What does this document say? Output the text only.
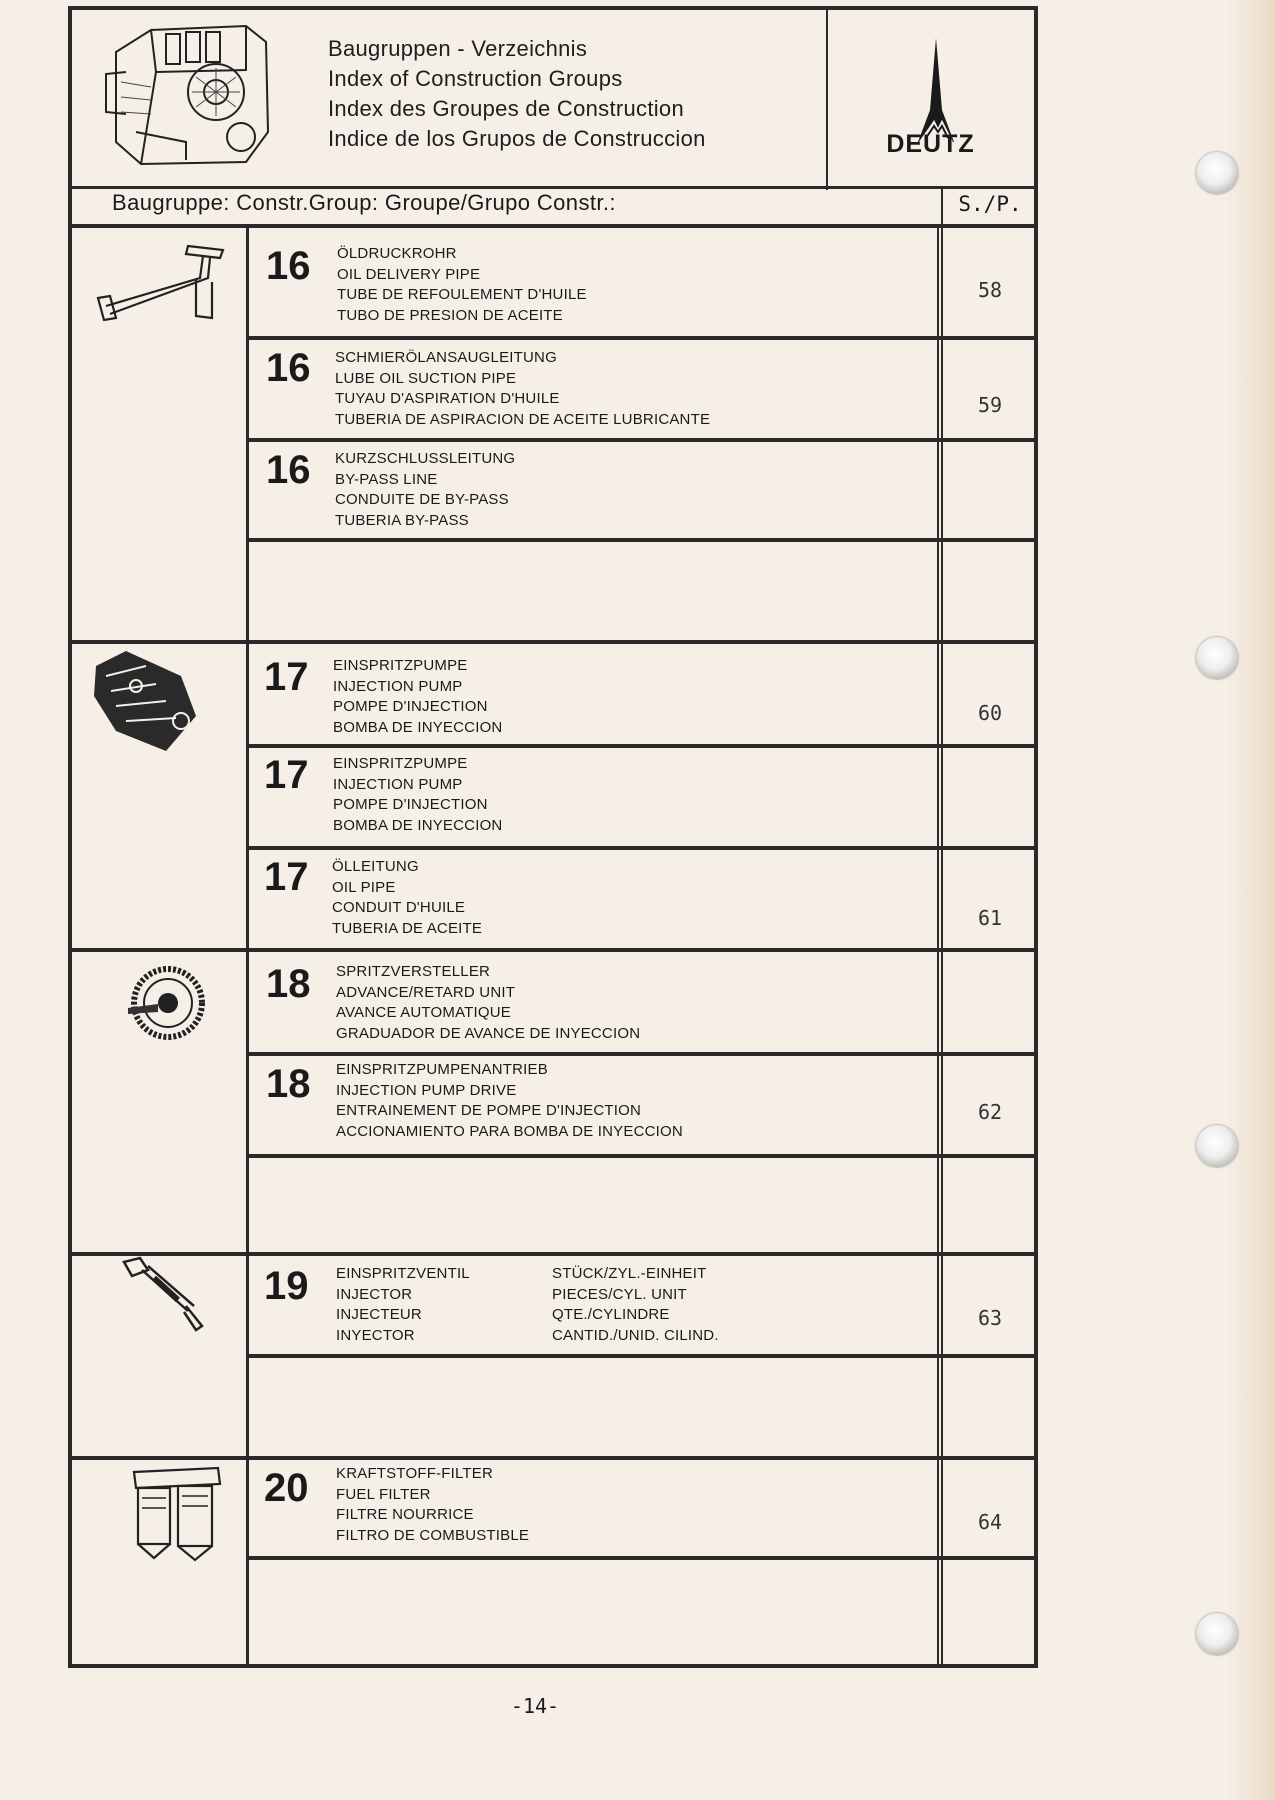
Baugruppen - Verzeichnis
Index of Construction Groups
Index des Groupes de Construction
Indice de los Grupos de Construccion	DEUTZ
Baugruppe: Constr.Group: Groupe/Grupo Constr.:	S./P.
16 ÖLDRUCKROHR
OIL DELIVERY PIPE
TUBE DE REFOULEMENT D'HUILE
TUBO DE PRESION DE ACEITE
16 SCHMIERÖLANSAUGLEITUNG
LUBE OIL SUCTION PIPE
TUYAU D'ASPIRATION D'HUILE
TUBERIA DE ASPIRACION DE ACEITE LUBRICANTE
16 KURZSCHLUSSLEITUNG
BY-PASS LINE
CONDUITE DE BY-PASS
TUBERIA BY-PASS
17 EINSPRITZPUMPE
INJECTION PUMP
POMPE D'INJECTION
BOMBA DE INYECCION
17 EINSPRITZPUMPE
INJECTION PUMP
POMPE D'INJECTION
BOMBA DE INYECCION
17 ÖLLEITUNG
OIL PIPE
CONDUIT D'HUILE
TUBERIA DE ACEITE
18 SPRITZVERSTELLER
ADVANCE/RETARD UNIT
AVANCE AUTOMATIQUE
GRADUADOR DE AVANCE DE INYECCION
18 EINSPRITZPUMPENANTRIEB
INJECTION PUMP DRIVE
ENTRAINEMENT DE POMPE D'INJECTION
ACCIONAMIENTO PARA BOMBA DE INYECCION
19 EINSPRITZVENTIL
INJECTOR
INJECTEUR
INYECTOR
STÜCK/ZYL.-EINHEIT
PIECES/CYL. UNIT
QTE./CYLINDRE
CANTID./UNID. CILIND.
20 KRAFTSTOFF-FILTER
FUEL FILTER
FILTRE NOURRICE
FILTRO DE COMBUSTIBLE
58
59
60
61
62
63
64
-14-
